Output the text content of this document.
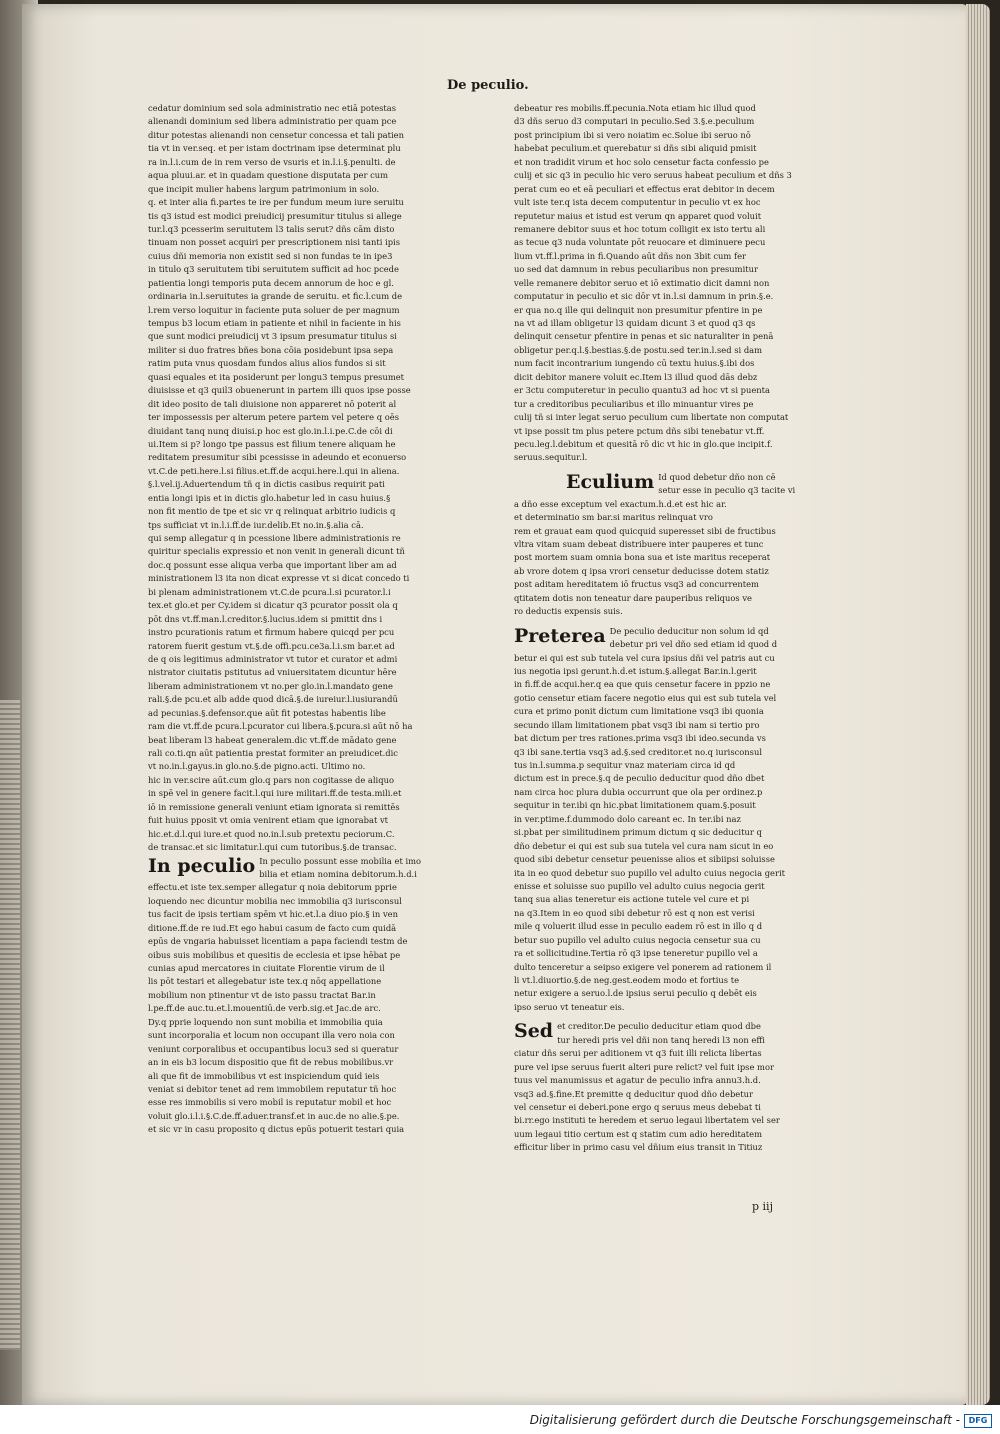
De peculio.
cedatur dominium sed sola administratio nec etiā potestas
alienandi dominium sed libera administratio per quam pce
ditur potestas alienandi non censetur concessa et tali patien
tia vt in ver.seq. et per istam doctrinam ipse determinat plu
ra in.l.i.cum de in rem verso de vsuris et in.l.i.§.penulti. de
aqua pluui.ar. et in quadam questione disputata per cum
que incipit mulier habens largum patrimonium in solo.
q. et inter alia fi.partes te ire per fundum meum iure seruitu
tis q3 istud est modici preiudicij presumitur titulus si allege
tur.l.q3 pcesserim seruitutem l3 talis serut? dñs cām disto
tinuam non posset acquiri per prescriptionem nisi tanti ipis
cuius dñi memoria non existit sed si non fundas te in ipe3
in titulo q3 seruitutem tibi seruitutem sufficit ad hoc pcede
patientia longi temporis puta decem annorum de hoc e gl.
ordinaria in.l.seruitutes ia grande de seruitu. et fic.l.cum de
l.rem verso loquitur in faciente puta soluer de per magnum
tempus b3 locum etiam in patiente et nihil in faciente in his
que sunt modici preiudicij vt 3 ipsum presumatur titulus si
militer si duo fratres bñes bona cōia posidebunt ipsa sepa
ratim puta vnus quosdam fundos alius alios fundos si sit
quasi equales et ita posiderunt per longu3 tempus presumet
diuisisse et q3 quil3 obuenerunt in partem illi quos ipse posse
dit ideo posito de tali diuisione non appareret nō poterit al
ter impossessis per alterum petere partem vel petere q oēs
diuidant tanq nunq diuisi.p hoc est glo.in.l.i.pe.C.de cōi di
ui.Item si p? longo tpe passus est filium tenere aliquam he
reditatem presumitur sibi pcessisse in adeundo et econuerso
vt.C.de peti.here.l.si filius.et.ff.de acqui.here.l.qui in aliena.
§.l.vel.ij.Aduertendum tñ q in dictis casibus requirit pati
entia longi ipis et in dictis glo.habetur led in casu huius.§
non fit mentio de tpe et sic vr q relinquat arbitrio iudicis q
tps sufficiat vt in.l.i.ff.de iur.delib.Et no.in.§.alia cā.
qui semp allegatur q in pcessione libere administrationis re
quiritur specialis expressio et non venit in generali dicunt tñ
doc.q possunt esse aliqua verba que important liber am ad
ministrationem l3 ita non dicat expresse vt si dicat concedo ti
bi plenam administrationem vt.C.de pcura.l.si pcurator.l.i
tex.et glo.et per Cy.idem si dicatur q3 pcurator possit ola q
pōt dns vt.ff.man.l.creditor.§.lucius.idem si pmittit dns i
instro pcurationis ratum et firmum habere quicqd per pcu
ratorem fuerit gestum vt.§.de offi.pcu.ce3a.l.i.sm bar.et ad
de q ois legitimus administrator vt tutor et curator et admi
nistrator ciuitatis pstitutus ad vniuersitatem dicuntur hēre
liberam administrationem vt no.per glo.in.l.mandato gene
rali.§.de pcu.et alb adde quod dicā.§.de iureiur.l.iusiurandū
ad pecunias.§.defensor.que aūt fit potestas habentis libe
ram die vt.ff.de pcura.l.pcurator cui libera.§.pcura.si aūt nō ha
beat liberam l3 habeat generalem.dic vt.ff.de mādato gene
rali co.ti.qn aūt patientia prestat formiter an preiudicet.dic
vt no.in.l.gayus.in glo.no.§.de pigno.acti. Ultimo no.
hic in ver.scire aūt.cum glo.q pars non cogitasse de aliquo
in spē vel in genere facit.l.qui iure militari.ff.de testa.mili.et
iō in remissione generali veniunt etiam ignorata si remittēs
fuit huius pposit vt omia venirent etiam que ignorabat vt
hic.et.d.l.qui iure.et quod no.in.l.sub pretextu peciorum.C.
de transac.et sic limitatur.l.qui cum tutoribus.§.de transac.
In peculio In peculio possunt esse mobilia et imo
bilia et etiam nomina debitorum.h.d.i
effectu.et iste tex.semper allegatur q noia debitorum pprie
loquendo nec dicuntur mobilia nec immobilia q3 iurisconsul
tus facit de ipsis tertiam spēm vt hic.et.l.a diuo pio.§ in ven
ditione.ff.de re iud.Et ego habui casum de facto cum quidā
epūs de vngaria habuisset licentiam a papa faciendi testm de
oibus suis mobilibus et quesitis de ecclesia et ipse hēbat pe
cunias apud mercatores in ciuitate Florentie virum de il
lis pōt testari et allegebatur iste tex.q nōq appellatione
mobilium non ptinentur vt de isto passu tractat Bar.in
l.pe.ff.de auc.tu.et.l.mouentiū.de verb.sig.et Jac.de arc.
Dy.q pprie loquendo non sunt mobilia et immobilia quia
sunt incorporalia et locum non occupant illa vero noia con
veniunt corporalibus et occupantibus locu3 sed si queratur
an in eis b3 locum dispositio que fit de rebus mobilibus.vr
ali que fit de immobilibus vt est inspiciendum quid ieis
veniat si debitor tenet ad rem immobilem reputatur tñ hoc
esse res immobilis si vero mobil is reputatur mobil et hoc
voluit glo.i.l.i.§.C.de.ff.aduer.transf.et in auc.de no alie.§.pe.
et sic vr in casu proposito q dictus epūs potuerit testari quia
debeatur res mobilis.ff.pecunia.Nota etiam hic illud quod
d3 dñs seruo d3 computari in peculio.Sed 3.§.e.peculium
post principium ibi si vero noiatim ec.Solue ibi seruo nō
habebat peculium.et querebatur si dñs sibi aliquid pmisit
et non tradidit virum et hoc solo censetur facta confessio pe
culij et sic q3 in peculio hic vero seruus habeat peculium et dñs 3
perat cum eo et eā peculiari et effectus erat debitor in decem
vult iste ter.q ista decem computentur in peculio vt ex hoc
reputetur maius et istud est verum qn apparet quod voluit
remanere debitor suus et hoc totum colligit ex isto tertu ali
as tecue q3 nuda voluntate pōt reuocare et diminuere pecu
lium vt.ff.l.prima in fi.Quando aūt dñs non 3bit cum fer
uo sed dat damnum in rebus peculiaribus non presumitur
velle remanere debitor seruo et iō extimatio dicit damni non
computatur in peculio et sic dōr vt in.l.si damnum in prin.§.e.
er qua no.q ille qui delinquit non presumitur pfentire in pe
na vt ad illam obligetur l3 quidam dicunt 3 et quod q3 qs
delinquit censetur pfentire in penas et sic naturaliter in penā
obligetur per.q.l.§.bestias.§.de postu.sed ter.in.l.sed si dam
num facit incontrarium iungendo cū textu huius.§.ibi dos
dicit debitor manere voluit ec.Item l3 illud quod dās debz
er 3ctu computeretur in peculio quantu3 ad hoc vt si puenta
tur a creditoribus peculiaribus et illo minuantur vires pe
culij tñ si inter legat seruo peculium cum libertate non computat
vt ipse possit tm plus petere pctum dñs sibi tenebatur vt.ff.
pecu.leg.l.debitum et quesitā rō dic vt hic in glo.que incipit.f.
seruus.sequitur.l.
Eculium Id quod debetur dño non cē
setur esse in peculio q3 tacite vi
a dño esse exceptum vel exactum.h.d.et est hic ar.
et determinatio sm bar.si maritus relinquat vro
rem et grauat eam quod quicquid superesset sibi de fructibus
vltra vitam suam debeat distribuere inter pauperes et tunc
post mortem suam omnia bona sua et iste maritus receperat
ab vrore dotem q ipsa vrori censetur deducisse dotem statiz
post aditam hereditatem iō fructus vsq3 ad concurrentem
qtitatem dotis non teneatur dare pauperibus reliquos ve
ro deductis expensis suis.
Preterea De peculio deducitur non solum id qd
debetur pri vel dño sed etiam id quod d
betur ei qui est sub tutela vel cura ipsius dñi vel patris aut cu
ius negotia ipsi gerunt.h.d.et istum.§.allegat Bar.in.l.gerit
in fi.ff.de acqui.her.q ea que quis censetur facere in ppzio ne
gotio censetur etiam facere negotio eius qui est sub tutela vel
cura et primo ponit dictum cum limitatione vsq3 ibi quonia
secundo illam limitationem pbat vsq3 ibi nam si tertio pro
bat dictum per tres rationes.prima vsq3 ibi ideo.secunda vs
q3 ibi sane.tertia vsq3 ad.§.sed creditor.et no.q iurisconsul
tus in.l.summa.p sequitur vnaz materiam circa id qd
dictum est in prece.§.q de peculio deducitur quod dño dbet
nam circa hoc plura dubia occurrunt que ola per ordinez.p
sequitur in ter.ibi qn hic.pbat limitationem quam.§.posuit
in ver.ptime.f.dummodo dolo careant ec. In ter.ibi naz
si.pbat per similitudinem primum dictum q sic deducitur q
dño debetur ei qui est sub sua tutela vel cura nam sicut in eo
quod sibi debetur censetur peuenisse alios et sibiipsi soluisse
ita in eo quod debetur suo pupillo vel adulto cuius negocia gerit
enisse et soluisse suo pupillo vel adulto cuius negocia gerit
tanq sua alias teneretur eis actione tutele vel cure et pi
na q3.Item in eo quod sibi debetur rō est q non est verisi
mile q voluerit illud esse in peculio eadem rō est in illo q d
betur suo pupillo vel adulto cuius negocia censetur sua cu
ra et sollicitudine.Tertia rō q3 ipse teneretur pupillo vel a
dulto tenceretur a seipso exigere vel ponerem ad rationem il
li vt.l.diuortio.§.de neg.gest.eodem modo et fortius te
netur exigere a seruo.l.de ipsius serui peculio q debēt eis
ipso seruo vt teneatur eis.
Sed et creditor.De peculio deducitur etiam quod dbe
tur heredi pris vel dñi non tanq heredi l3 non effi
ciatur dñs serui per aditionem vt q3 fuit illi relicta libertas
pure vel ipse seruus fuerit alteri pure relict? vel fuit ipse mor
tuus vel manumissus et agatur de peculio infra annu3.h.d.
vsq3 ad.§.fine.Et premitte q deducitur quod dño debetur
vel censetur ei deberi.pone ergo q seruus meus debebat ti
bi.rr.ego instituti te heredem et seruo legaui libertatem vel ser
uum legaui titio certum est q statim cum adio hereditatem
efficitur liber in primo casu vel dñium eius transit in Titiuz
p iij
Digitalisierung gefördert durch die Deutsche Forschungsgemeinschaft -	DFG
